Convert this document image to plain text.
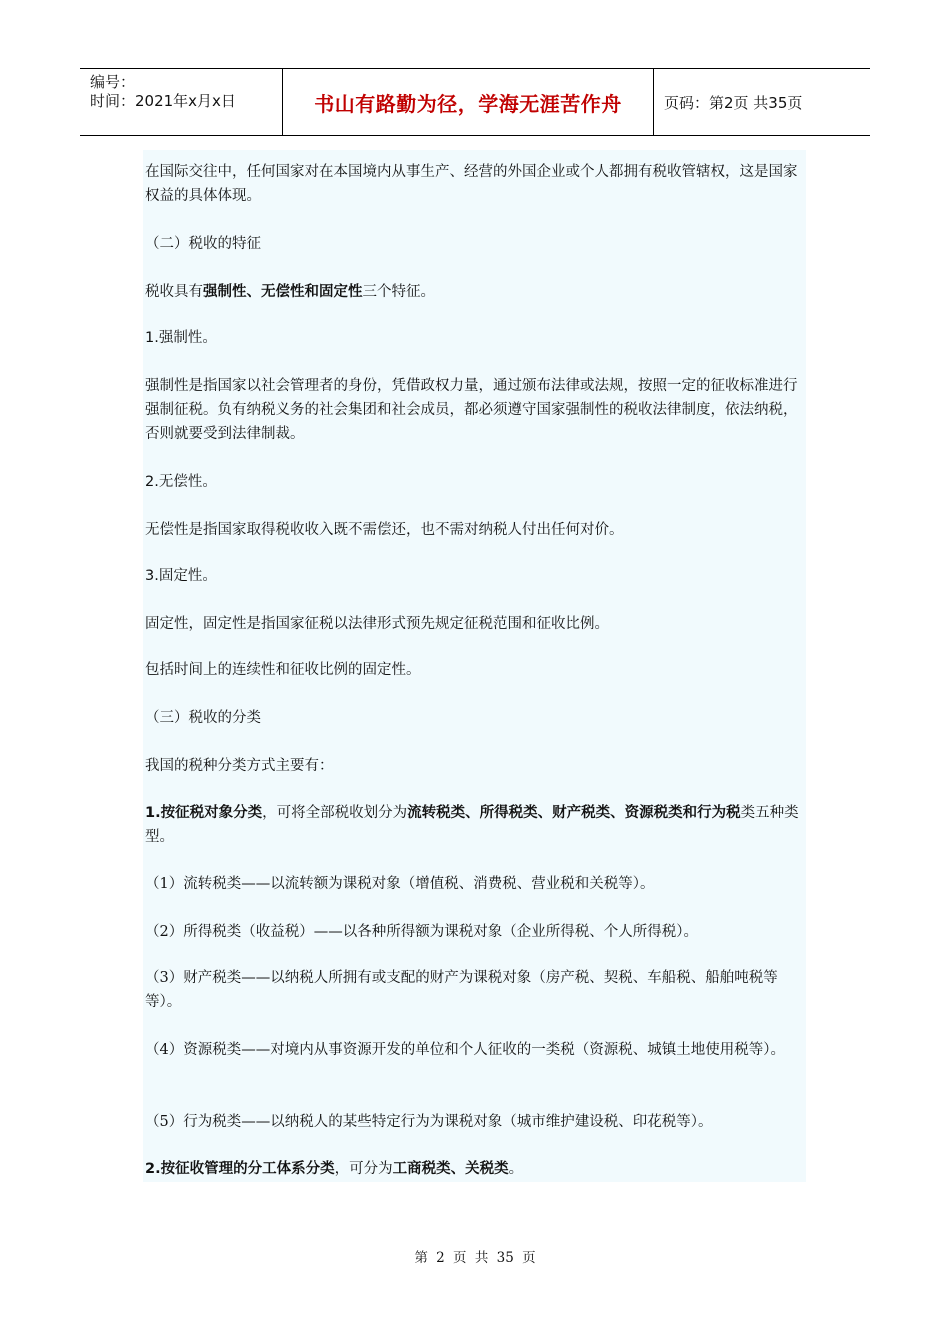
编号：
时间：2021年x月x日	书山有路勤为径，学海无涯苦作舟	页码：第2页 共35页
在国际交往中，任何国家对在本国境内从事生产、经营的外国企业或个人都拥有税收管辖权，这是国家权益的具体体现。
（二）税收的特征
税收具有强制性、无偿性和固定性三个特征。
1.强制性。
强制性是指国家以社会管理者的身份，凭借政权力量，通过颁布法律或法规，按照一定的征收标准进行强制征税。负有纳税义务的社会集团和社会成员，都必须遵守国家强制性的税收法律制度，依法纳税，否则就要受到法律制裁。
2.无偿性。
无偿性是指国家取得税收收入既不需偿还，也不需对纳税人付出任何对价。
3.固定性。
固定性，固定性是指国家征税以法律形式预先规定征税范围和征收比例。
包括时间上的连续性和征收比例的固定性。
（三）税收的分类
我国的税种分类方式主要有：
1.按征税对象分类，可将全部税收划分为流转税类、所得税类、财产税类、资源税类和行为税类五种类型。
（1）流转税类——以流转额为课税对象（增值税、消费税、营业税和关税等）。
（2）所得税类（收益税）——以各种所得额为课税对象（企业所得税、个人所得税）。
（3）财产税类——以纳税人所拥有或支配的财产为课税对象（房产税、契税、车船税、船舶吨税等等）。
（4）资源税类——对境内从事资源开发的单位和个人征收的一类税（资源税、城镇土地使用税等）。
（5）行为税类——以纳税人的某些特定行为为课税对象（城市维护建设税、印花税等）。
2.按征收管理的分工体系分类，可分为工商税类、关税类。
第 2 页 共 35 页
